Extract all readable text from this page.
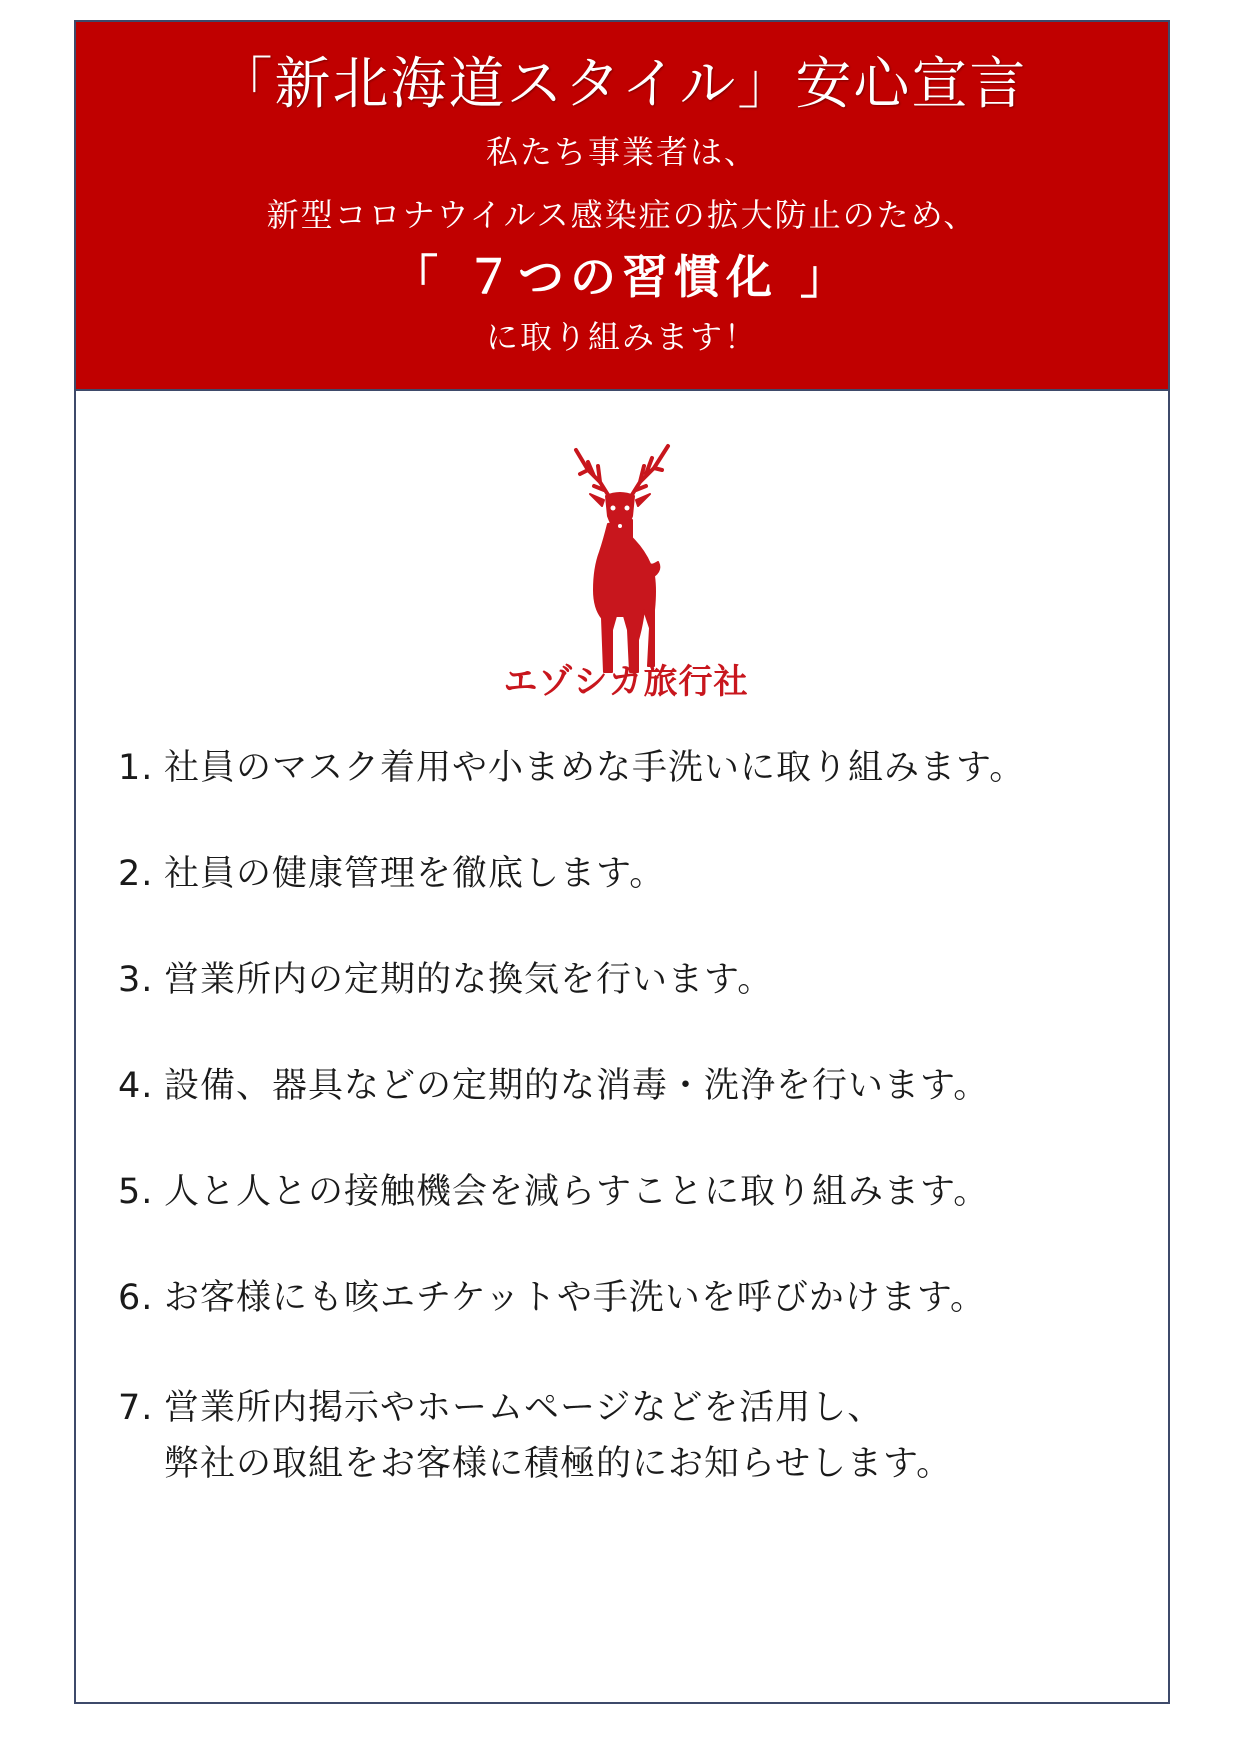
「新北海道スタイル」安心宣言
私たち事業者は、
新型コロナウイルス感染症の拡大防止のため、
「 ７つの習慣化 」
に取り組みます！
エゾシカ旅行社
1. 社員のマスク着用や小まめな手洗いに取り組みます。
2. 社員の健康管理を徹底します。
3. 営業所内の定期的な換気を行います。
4. 設備、器具などの定期的な消毒・洗浄を行います。
5. 人と人との接触機会を減らすことに取り組みます。
6. お客様にも咳エチケットや手洗いを呼びかけます。
7. 営業所内掲示やホームページなどを活用し、
弊社の取組をお客様に積極的にお知らせします。
